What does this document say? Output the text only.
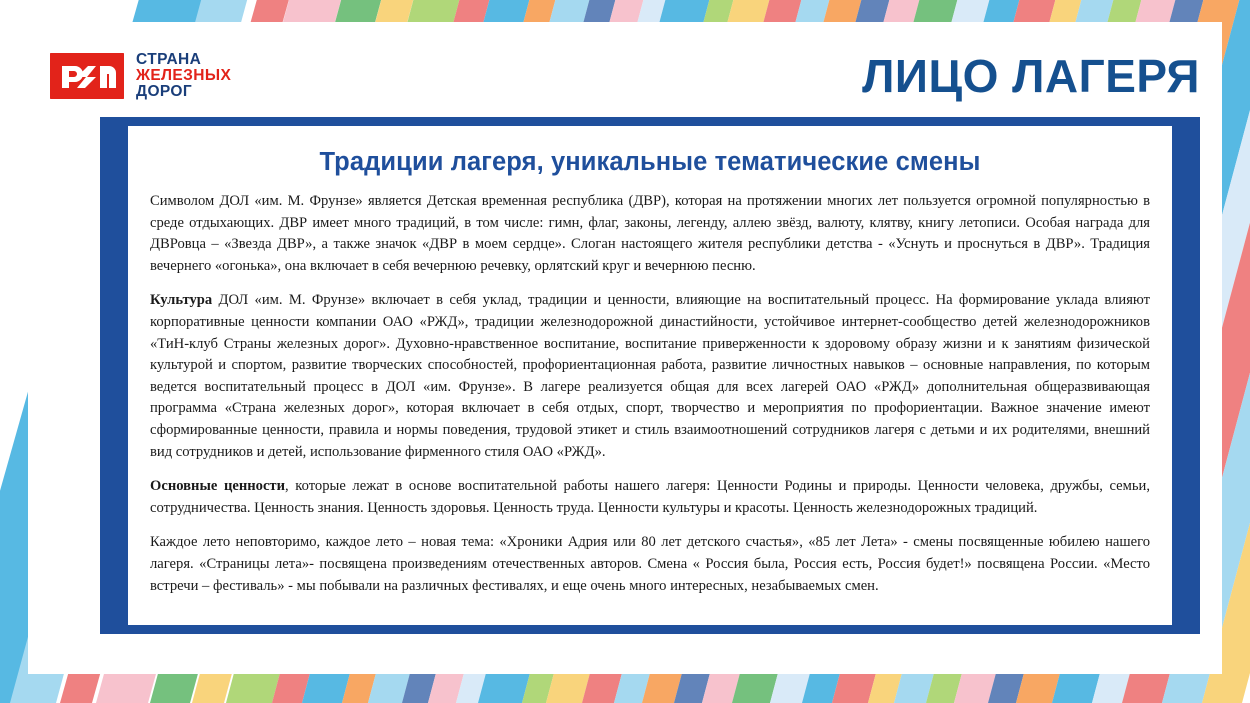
СТРАНА
ЖЕЛЕЗНЫХ
ДОРОГ	ЛИЦО ЛАГЕРЯ
Традиции лагеря, уникальные тематические смены

Символом ДОЛ «им. М. Фрунзе» является Детская временная республика (ДВР), которая на протяжении многих лет пользуется огромной популярностью в среде отдыхающих. ДВР имеет много традиций, в том числе: гимн, флаг, законы, легенду, аллею звёзд, валюту, клятву, книгу летописи. Особая награда для ДВРовца – «Звезда ДВР», а также значок «ДВР в моем сердце». Слоган настоящего жителя республики детства - «Уснуть и проснуться в ДВР». Традиция вечернего «огонька», она включает в себя вечернюю речевку, орлятский круг и вечернюю песню.

Культура ДОЛ «им. М. Фрунзе» включает в себя уклад, традиции и ценности, влияющие на воспитательный процесс. На формирование уклада влияют корпоративные ценности компании ОАО «РЖД», традиции железнодорожной династийности, устойчивое интернет-сообщество детей железнодорожников «ТиН-клуб Страны железных дорог». Духовно-нравственное воспитание, воспитание приверженности к здоровому образу жизни и к занятиям физической культурой и спортом, развитие творческих способностей, профориентационная работа, развитие личностных навыков – основные направления, по которым ведется воспитательный процесс в ДОЛ «им. Фрунзе». В лагере реализуется общая для всех лагерей ОАО «РЖД» дополнительная общеразвивающая программа «Страна железных дорог», которая включает в себя отдых, спорт, творчество и мероприятия по профориентации. Важное значение имеют сформированные ценности, правила и нормы поведения, трудовой этикет и стиль взаимоотношений сотрудников лагеря с детьми и их родителями, внешний вид сотрудников и детей, использование фирменного стиля ОАО «РЖД».

Основные ценности, которые лежат в основе воспитательной работы нашего лагеря: Ценности Родины и природы. Ценности человека, дружбы, семьи, сотрудничества. Ценность знания. Ценность здоровья. Ценность труда. Ценности культуры и красоты. Ценность железнодорожных традиций.

Каждое лето неповторимо, каждое лето – новая тема: «Хроники Адрия или 80 лет детского счастья», «85 лет Лета» - смены посвященные юбилею нашего лагеря. «Страницы лета»- посвящена произведениям отечественных авторов. Смена « Россия была, Россия есть, Россия будет!» посвящена России. «Место встречи – фестиваль» - мы побывали на различных фестивалях, и еще очень много интересных, незабываемых смен.
